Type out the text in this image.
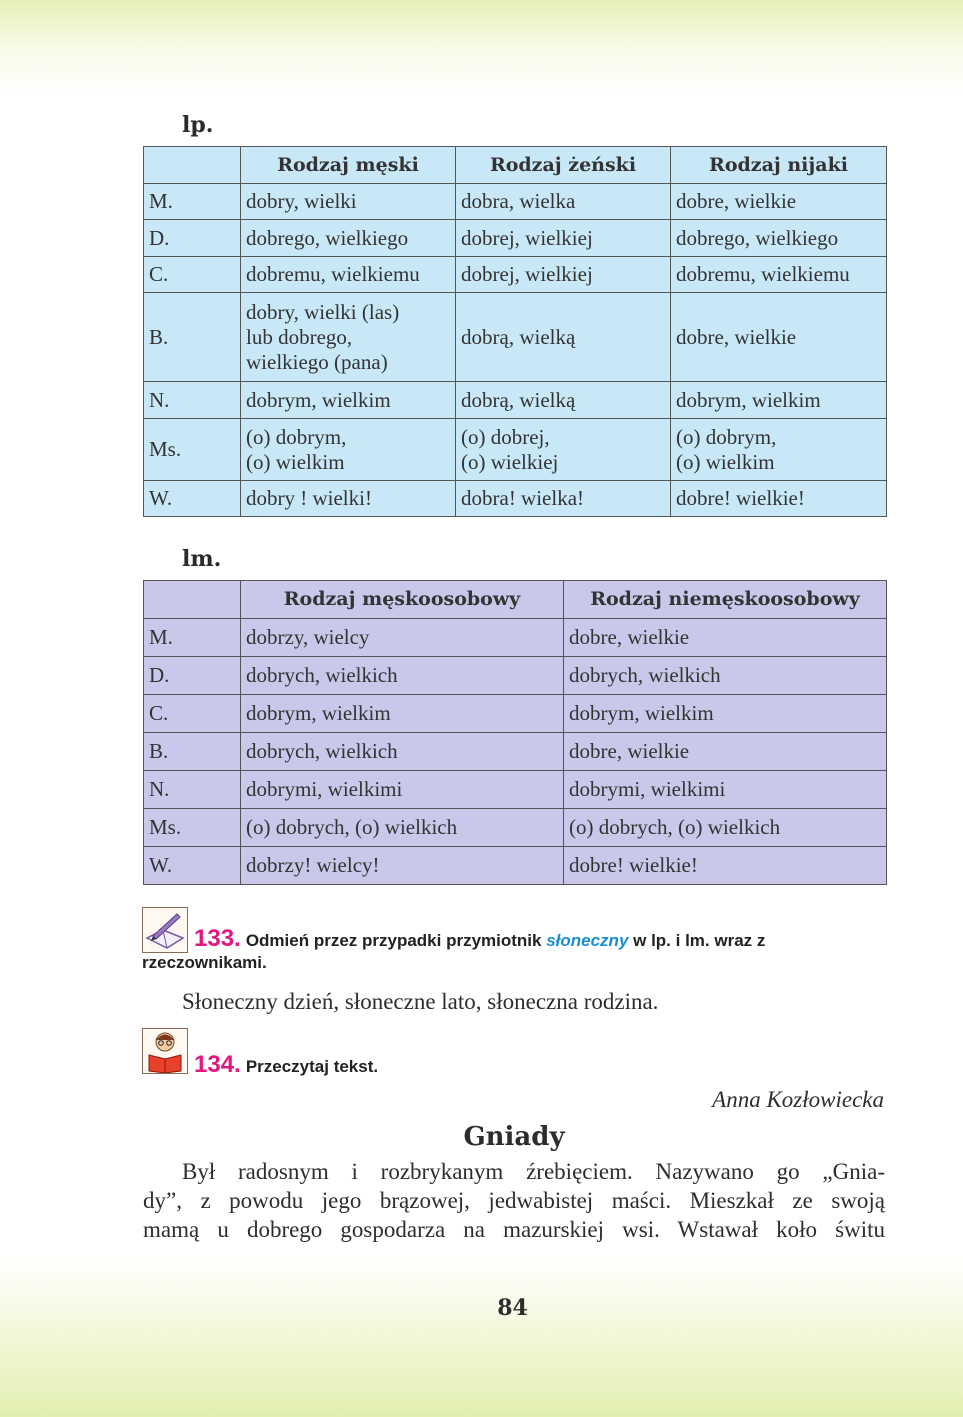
lp.
	Rodzaj męski	Rodzaj żeński	Rodzaj nijaki
M.	dobry, wielki	dobra, wielka	dobre, wielkie
D.	dobrego, wielkiego	dobrej, wielkiej	dobrego, wielkiego
C.	dobremu, wielkiemu	dobrej, wielkiej	dobremu, wielkiemu
B.	dobry, wielki (las)
lub dobrego,
wielkiego (pana)	dobrą, wielką	dobre, wielkie
N.	dobrym, wielkim	dobrą, wielką	dobrym, wielkim
Ms.	(o) dobrym,
(o) wielkim	(o) dobrej,
(o) wielkiej	(o) dobrym,
(o) wielkim
W.	dobry ! wielki!	dobra! wielka!	dobre! wielkie!
lm.
	Rodzaj męskoosobowy	Rodzaj niemęskoosobowy
M.	dobrzy, wielcy	dobre, wielkie
D.	dobrych, wielkich	dobrych, wielkich
C.	dobrym, wielkim	dobrym, wielkim
B.	dobrych, wielkich	dobre, wielkie
N.	dobrymi, wielkimi	dobrymi, wielkimi
Ms.	(o) dobrych, (o) wielkich	(o) dobrych, (o) wielkich
W.	dobrzy! wielcy!	dobre! wielkie!
133. Odmień przez przypadki przymiotnik słoneczny w lp. i lm. wraz z rzeczownikami.
Słoneczny dzień, słoneczne lato, słoneczna rodzina.
134. Przeczytaj tekst.
Anna Kozłowiecka
Gniady
Był radosnym i rozbrykanym źrebięciem. Nazywano go „Gnia-
dy”, z powodu jego brązowej, jedwabistej maści. Mieszkał ze swoją
mamą u dobrego gospodarza na mazurskiej wsi. Wstawał koło świtu
84
